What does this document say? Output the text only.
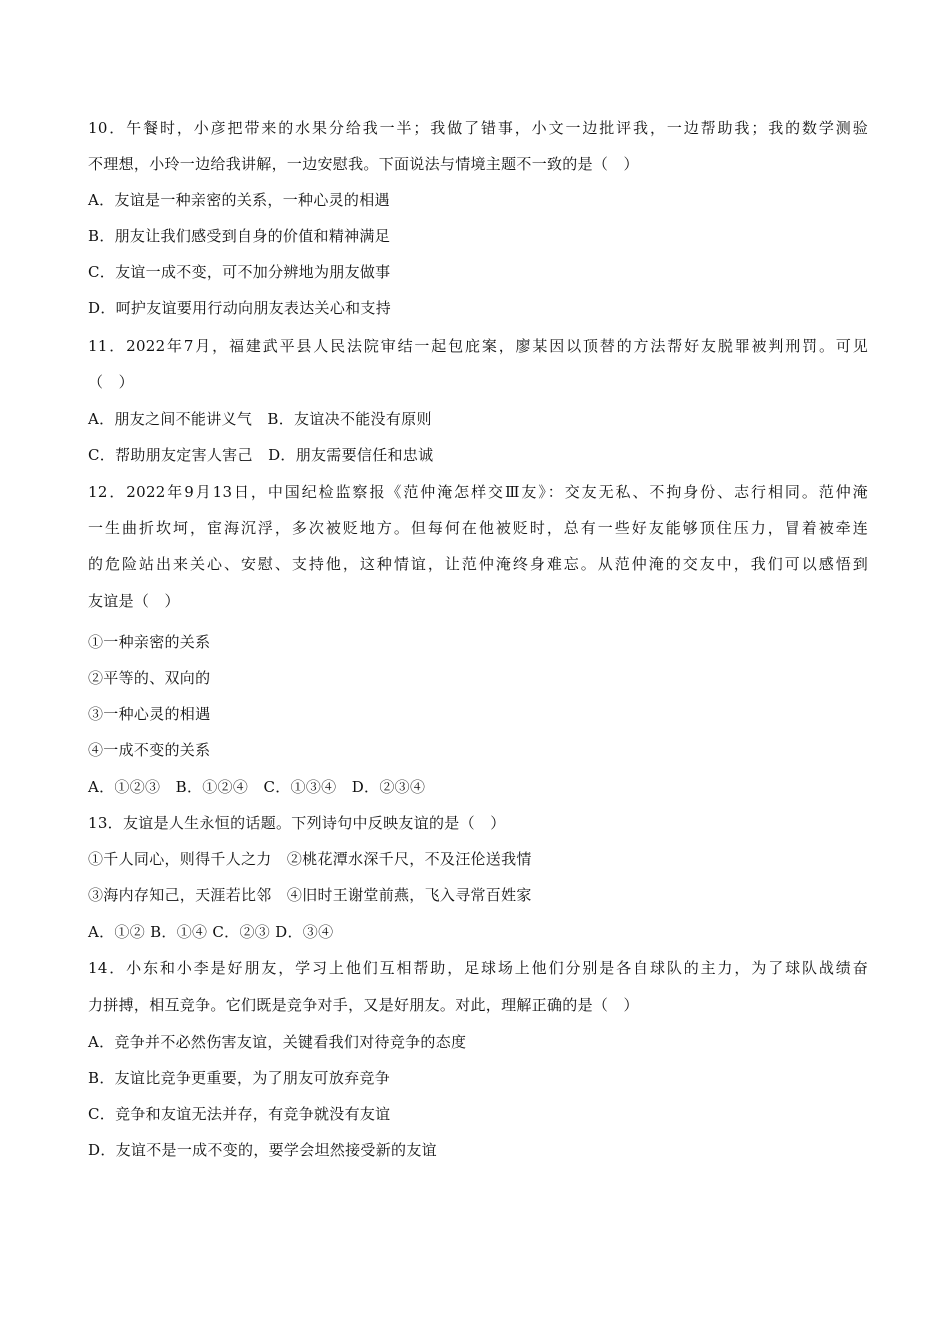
10．午餐时，小彦把带来的水果分给我一半；我做了错事，小文一边批评我，一边帮助我；我的数学测验
不理想，小玲一边给我讲解，一边安慰我。下面说法与情境主题不一致的是（　）
A．友谊是一种亲密的关系，一种心灵的相遇
B．朋友让我们感受到自身的价值和精神满足
C．友谊一成不变，可不加分辨地为朋友做事
D．呵护友谊要用行动向朋友表达关心和支持
11．2022年7月，福建武平县人民法院审结一起包庇案，廖某因以顶替的方法帮好友脱罪被判刑罚。可见
（　）
A．朋友之间不能讲义气　B．友谊决不能没有原则
C．帮助朋友定害人害己　D．朋友需要信任和忠诚
12．2022年9月13日，中国纪检监察报《范仲淹怎样交Ⅲ友》：交友无私、不拘身份、志行相同。范仲淹
一生曲折坎坷，宦海沉浮，多次被贬地方。但每何在他被贬时，总有一些好友能够顶住压力，冒着被牵连
的危险站出来关心、安慰、支持他，这种情谊，让范仲淹终身难忘。从范仲淹的交友中，我们可以感悟到
友谊是（　）
①一种亲密的关系
②平等的、双向的
③一种心灵的相遇
④一成不变的关系
A．①②③　B．①②④　C．①③④　D．②③④
13．友谊是人生永恒的话题。下列诗句中反映友谊的是（　）
①千人同心，则得千人之力　②桃花潭水深千尺，不及汪伦送我情
③海内存知己，天涯若比邻　④旧时王谢堂前燕，飞入寻常百姓家
A．①② B．①④ C．②③ D．③④
14．小东和小李是好朋友，学习上他们互相帮助，足球场上他们分别是各自球队的主力，为了球队战绩奋
力拼搏，相互竞争。它们既是竞争对手，又是好朋友。对此，理解正确的是（　）
A．竞争并不必然伤害友谊，关键看我们对待竞争的态度
B．友谊比竞争更重要，为了朋友可放弃竞争
C．竞争和友谊无法并存，有竞争就没有友谊
D．友谊不是一成不变的，要学会坦然接受新的友谊
